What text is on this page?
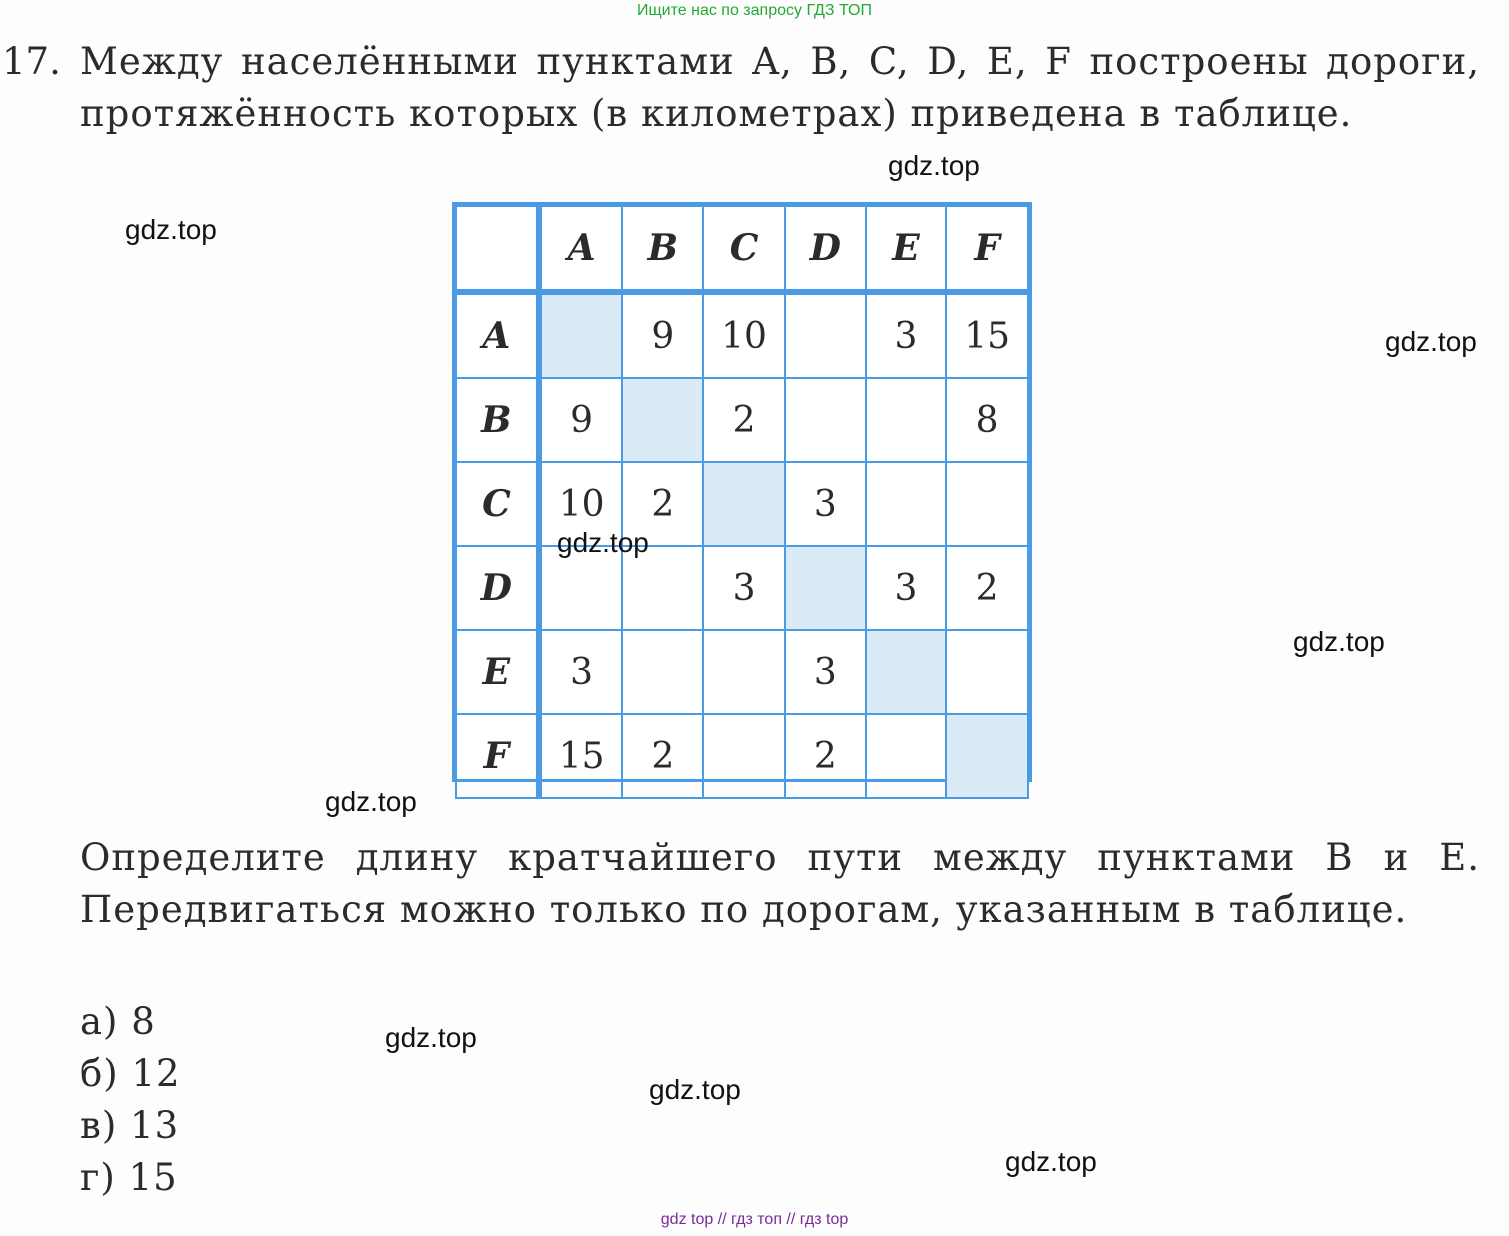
Ищите нас по запросу ГДЗ ТОП
17. Между населёнными пунктами A, B, C, D, E, F построены дороги, протяжённость которых (в километрах) приведена в таблице.
	A	B	C	D	E	F
A		9	10		3	15
B	9		2			8
C	10	2		3		
D			3		3	2
E	3			3		
F	15	2		2		
Определите длину кратчайшего пути между пунктами B и E. Передвигаться можно только по дорогам, указанным в таблице.
а) 8
б) 12
в) 13
г) 15
gdz.top
gdz.top
gdz.top
gdz.top
gdz.top
gdz.top
gdz.top
gdz.top
gdz.top
gdz top // гдз топ // гдз top
